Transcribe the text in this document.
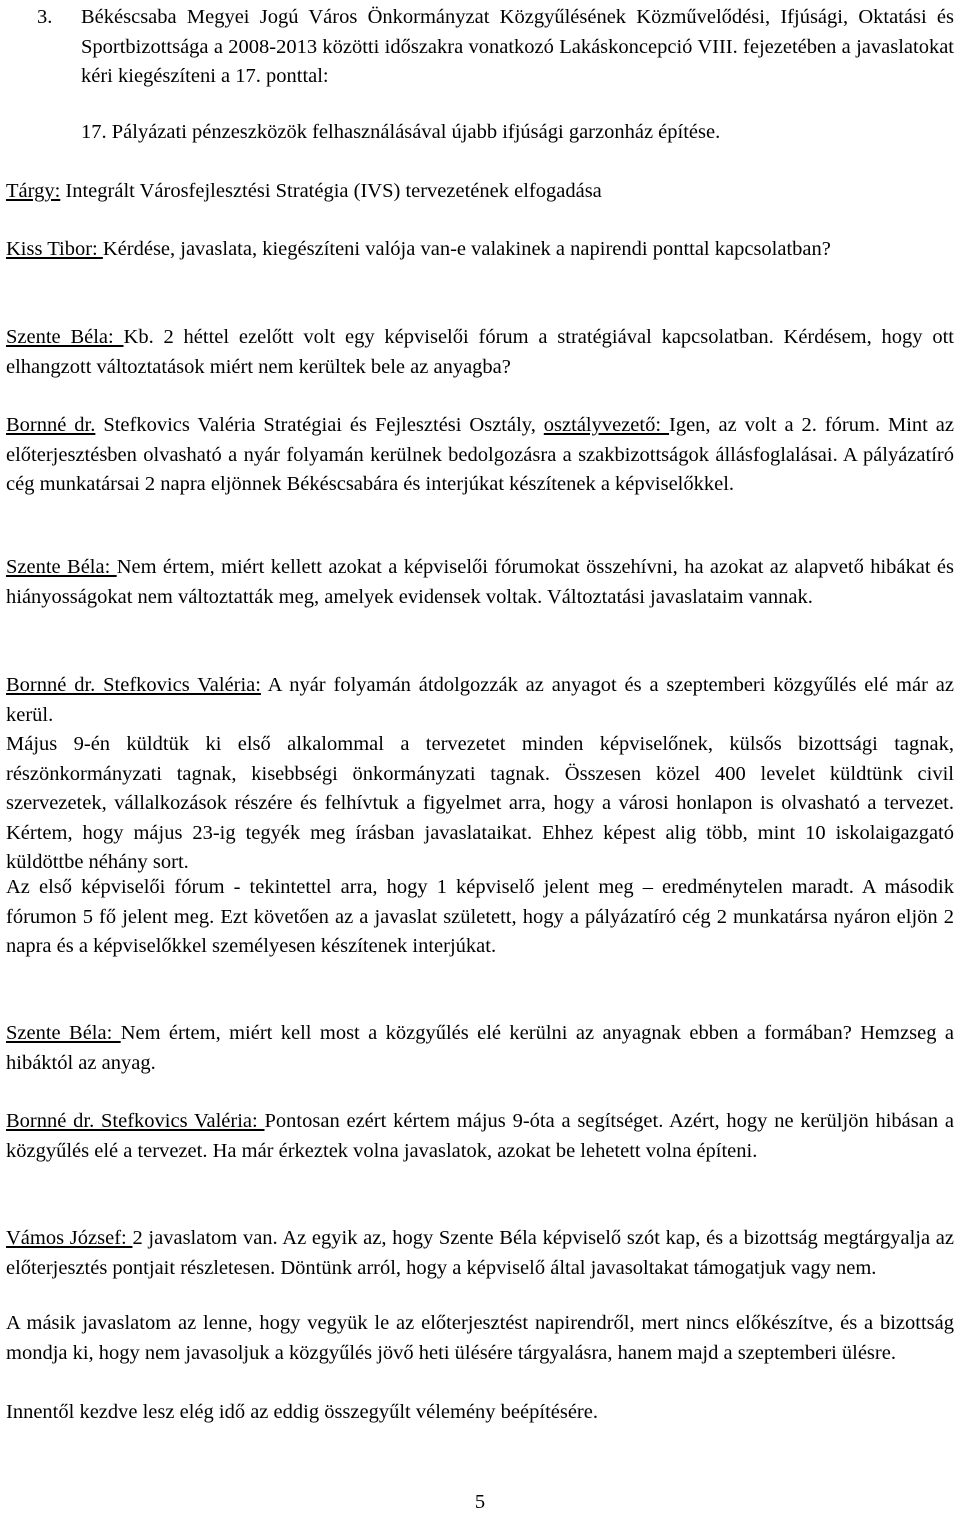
3. Békéscsaba Megyei Jogú Város Önkormányzat Közgyűlésének Közművelődési, Ifjúsági, Oktatási és Sportbizottsága a 2008-2013 közötti időszakra vonatkozó Lakáskoncepció VIII. fejezetében a javaslatokat kéri kiegészíteni a 17. ponttal:

17. Pályázati pénzeszközök felhasználásával újabb ifjúsági garzonház építése.

Tárgy: Integrált Városfejlesztési Stratégia (IVS) tervezetének elfogadása

Kiss Tibor: Kérdése, javaslata, kiegészíteni valója van-e valakinek a napirendi ponttal kapcsolatban?

Szente Béla: Kb. 2 héttel ezelőtt volt egy képviselői fórum a stratégiával kapcsolatban. Kérdésem, hogy ott elhangzott változtatások miért nem kerültek bele az anyagba?

Bornné dr. Stefkovics Valéria Stratégiai és Fejlesztési Osztály, osztályvezető: Igen, az volt a 2. fórum. Mint az előterjesztésben olvasható a nyár folyamán kerülnek bedolgozásra a szakbizottságok állásfoglalásai. A pályázatíró cég munkatársai 2 napra eljönnek Békéscsabára és interjúkat készítenek a képviselőkkel.

Szente Béla: Nem értem, miért kellett azokat a képviselői fórumokat összehívni, ha azokat az alapvető hibákat és hiányosságokat nem változtatták meg, amelyek evidensek voltak. Változtatási javaslataim vannak.

Bornné dr. Stefkovics Valéria: A nyár folyamán átdolgozzák az anyagot és a szeptemberi közgyűlés elé már az kerül.

Május 9-én küldtük ki első alkalommal a tervezetet minden képviselőnek, külsős bizottsági tagnak, részönkormányzati tagnak, kisebbségi önkormányzati tagnak. Összesen közel 400 levelet küldtünk civil szervezetek, vállalkozások részére és felhívtuk a figyelmet arra, hogy a városi honlapon is olvasható a tervezet. Kértem, hogy május 23-ig tegyék meg írásban javaslataikat. Ehhez képest alig több, mint 10 iskolaigazgató küldöttbe néhány sort.

Az első képviselői fórum - tekintettel arra, hogy 1 képviselő jelent meg – eredménytelen maradt. A második fórumon 5 fő jelent meg. Ezt követően az a javaslat született, hogy a pályázatíró cég 2 munkatársa nyáron eljön 2 napra és a képviselőkkel személyesen készítenek interjúkat.

Szente Béla: Nem értem, miért kell most a közgyűlés elé kerülni az anyagnak ebben a formában? Hemzseg a hibáktól az anyag.

Bornné dr. Stefkovics Valéria: Pontosan ezért kértem május 9-óta a segítséget. Azért, hogy ne kerüljön hibásan a közgyűlés elé a tervezet. Ha már érkeztek volna javaslatok, azokat be lehetett volna építeni.

Vámos József: 2 javaslatom van. Az egyik az, hogy Szente Béla képviselő szót kap, és a bizottság megtárgyalja az előterjesztés pontjait részletesen. Döntünk arról, hogy a képviselő által javasoltakat támogatjuk vagy nem.

A másik javaslatom az lenne, hogy vegyük le az előterjesztést napirendről, mert nincs előkészítve, és a bizottság mondja ki, hogy nem javasoljuk a közgyűlés jövő heti ülésére tárgyalásra, hanem majd a szeptemberi ülésre.

Innentől kezdve lesz elég idő az eddig összegyűlt vélemény beépítésére.

5
